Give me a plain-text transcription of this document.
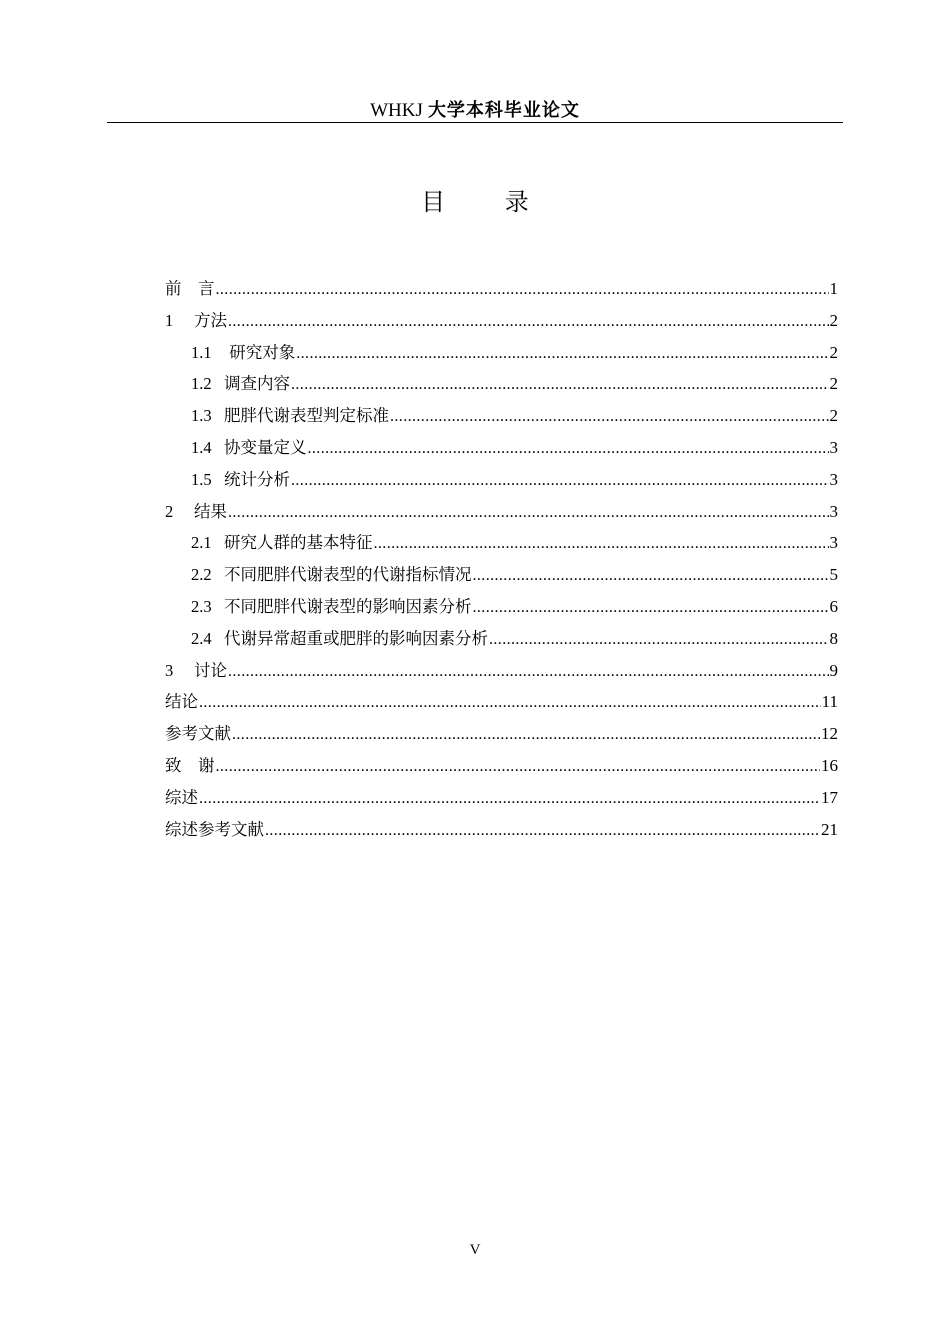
WHKJ 大学本科毕业论文
目 录
前　言 .....	1
1 方法 .....	2
1.1 研究对象 .....	2
1.2 调查内容 .....	2
1.3 肥胖代谢表型判定标准 .....	2
1.4 协变量定义 .....	3
1.5 统计分析 .....	3
2 结果 .....	3
2.1 研究人群的基本特征 .....	3
2.2 不同肥胖代谢表型的代谢指标情况 .....	5
2.3 不同肥胖代谢表型的影响因素分析 .....	6
2.4 代谢异常超重或肥胖的影响因素分析 .....	8
3 讨论 .....	9
结论 .....	11
参考文献 .....	12
致　谢 .....	16
综述 .....	17
综述参考文献 .....	21
V
